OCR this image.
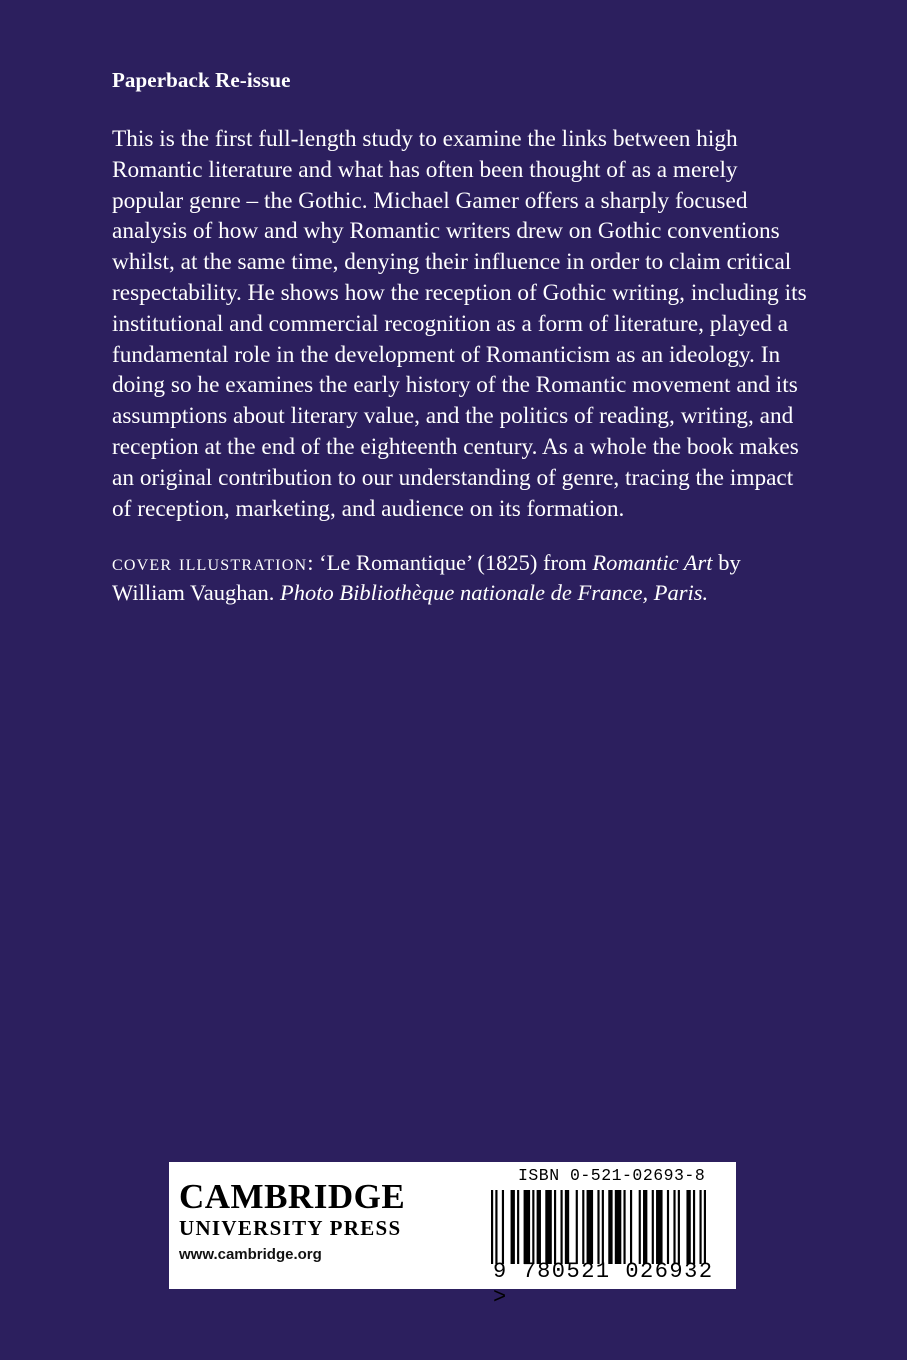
Paperback Re-issue

This is the first full-length study to examine the links between high Romantic literature and what has often been thought of as a merely popular genre – the Gothic. Michael Gamer offers a sharply focused analysis of how and why Romantic writers drew on Gothic conventions whilst, at the same time, denying their influence in order to claim critical respectability. He shows how the reception of Gothic writing, including its institutional and commercial recognition as a form of literature, played a fundamental role in the development of Romanticism as an ideology. In doing so he examines the early history of the Romantic movement and its assumptions about literary value, and the politics of reading, writing, and reception at the end of the eighteenth century. As a whole the book makes an original contribution to our understanding of genre, tracing the impact of reception, marketing, and audience on its formation.

cover illustration: ‘Le Romantique’ (1825) from Romantic Art by William Vaughan. Photo Bibliothèque nationale de France, Paris.

CAMBRIDGE
UNIVERSITY PRESS
www.cambridge.org
ISBN 0-521-02693-8
9 780521 026932 >
